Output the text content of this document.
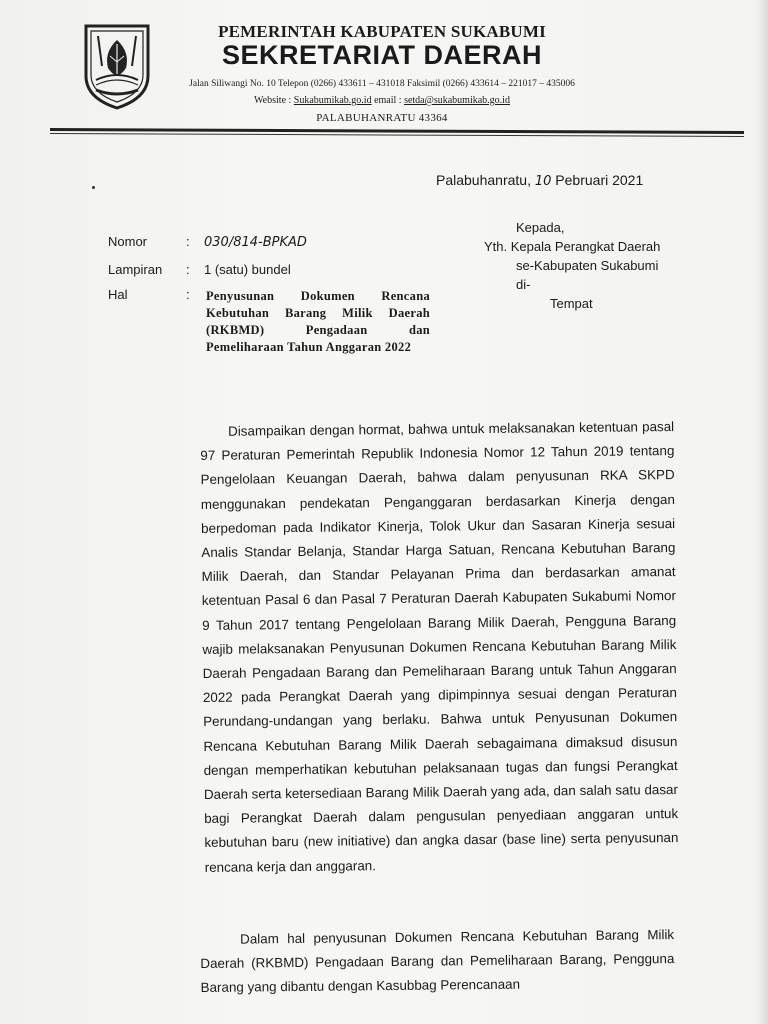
PEMERINTAH KABUPATEN SUKABUMI
SEKRETARIAT DAERAH
Jalan Siliwangi No. 10 Telepon (0266) 433611 – 431018 Faksimil (0266) 433614 – 221017 – 435006
Website : Sukabumikab.go.id email : setda@sukabumikab.go.id
PALABUHANRATU 43364
Palabuhanratu, 10 Pebruari 2021
Kepada,
Yth. Kepala Perangkat Daerah
se-Kabupaten Sukabumi
di-
Tempat
Nomor	: 030/814-BPKAD
Lampiran : 1 (satu) bundel
Hal	:	Penyusunan Dokumen Rencana Kebutuhan Barang Milik Daerah (RKBMD) Pengadaan dan Pemeliharaan Tahun Anggaran 2022
Disampaikan dengan hormat, bahwa untuk melaksanakan ketentuan pasal 97 Peraturan Pemerintah Republik Indonesia Nomor 12 Tahun 2019 tentang Pengelolaan Keuangan Daerah, bahwa dalam penyusunan RKA SKPD menggunakan pendekatan Penganggaran berdasarkan Kinerja dengan berpedoman pada Indikator Kinerja, Tolok Ukur dan Sasaran Kinerja sesuai Analis Standar Belanja, Standar Harga Satuan, Rencana Kebutuhan Barang Milik Daerah, dan Standar Pelayanan Prima dan berdasarkan amanat ketentuan Pasal 6 dan Pasal 7 Peraturan Daerah Kabupaten Sukabumi Nomor 9 Tahun 2017 tentang Pengelolaan Barang Milik Daerah, Pengguna Barang wajib melaksanakan Penyusunan Dokumen Rencana Kebutuhan Barang Milik Daerah Pengadaan Barang dan Pemeliharaan Barang untuk Tahun Anggaran 2022 pada Perangkat Daerah yang dipimpinnya sesuai dengan Peraturan Perundang-undangan yang berlaku. Bahwa untuk Penyusunan Dokumen Rencana Kebutuhan Barang Milik Daerah sebagaimana dimaksud disusun dengan memperhatikan kebutuhan pelaksanaan tugas dan fungsi Perangkat Daerah serta ketersediaan Barang Milik Daerah yang ada, dan salah satu dasar bagi Perangkat Daerah dalam pengusulan penyediaan anggaran untuk kebutuhan baru (new initiative) dan angka dasar (base line) serta penyusunan rencana kerja dan anggaran.
Dalam hal penyusunan Dokumen Rencana Kebutuhan Barang Milik Daerah (RKBMD) Pengadaan Barang dan Pemeliharaan Barang, Pengguna Barang yang dibantu dengan Kasubbag Perencanaan
